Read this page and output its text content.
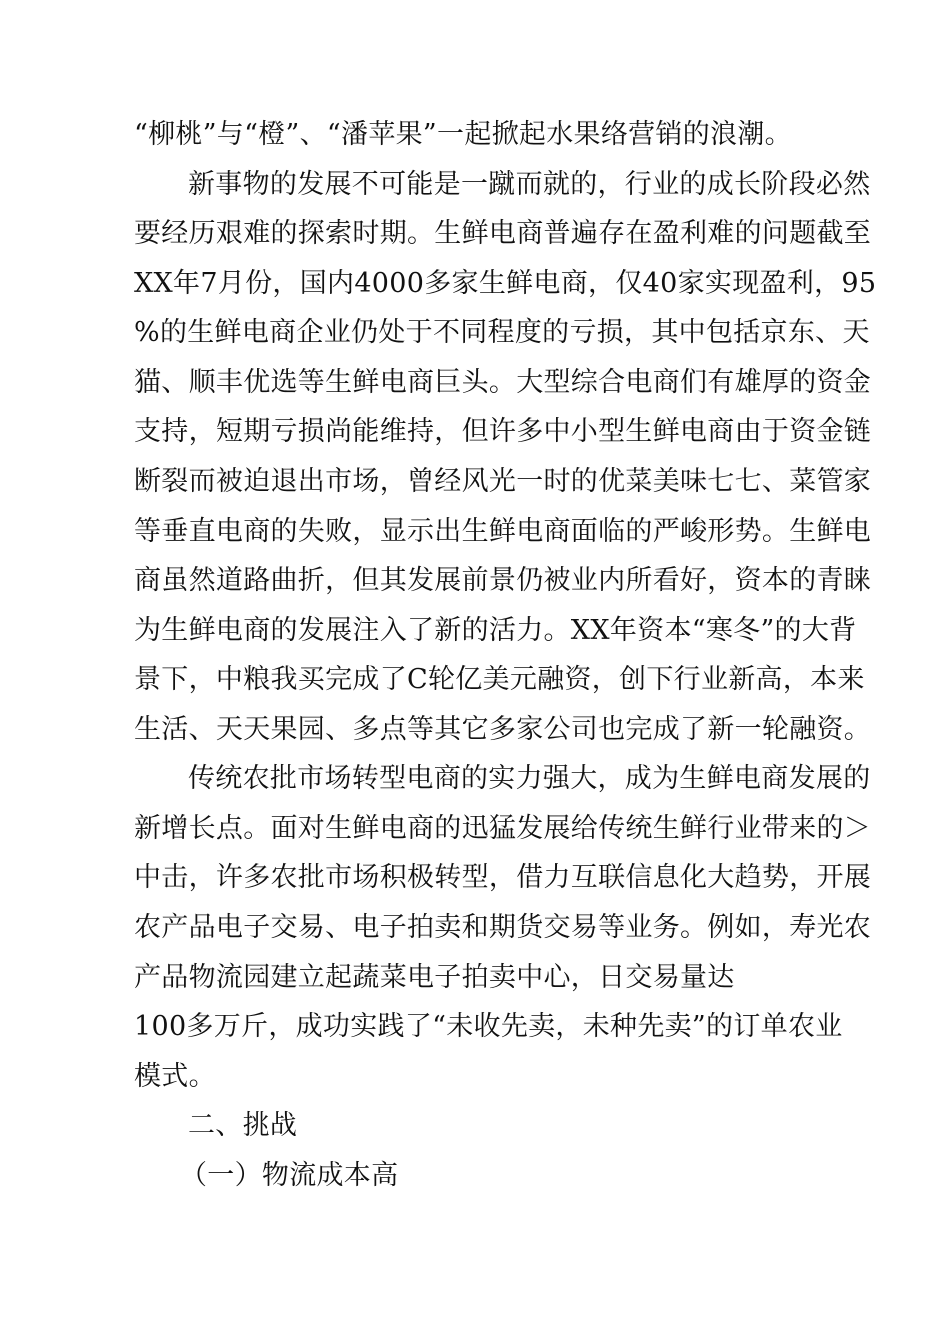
“柳桃”与“橙”、“潘苹果”一起掀起水果络营销的浪潮。
新事物的发展不可能是一蹴而就的，行业的成长阶段必然
要经历艰难的探索时期。生鲜电商普遍存在盈利难的问题截至
XX年7月份，国内4000多家生鲜电商，仅40家实现盈利，95
%的生鲜电商企业仍处于不同程度的亏损，其中包括京东、天
猫、顺丰优选等生鲜电商巨头。大型综合电商们有雄厚的资金
支持，短期亏损尚能维持，但许多中小型生鲜电商由于资金链
断裂而被迫退出市场，曾经风光一时的优菜美味七七、菜管家
等垂直电商的失败，显示出生鲜电商面临的严峻形势。生鲜电
商虽然道路曲折，但其发展前景仍被业内所看好，资本的青睐
为生鲜电商的发展注入了新的活力。XX年资本“寒冬”的大背
景下，中粮我买完成了C轮亿美元融资，创下行业新高，本来
生活、天天果园、多点等其它多家公司也完成了新一轮融资。
传统农批市场转型电商的实力强大，成为生鲜电商发展的
新增长点。面对生鲜电商的迅猛发展给传统生鲜行业带来的＞
中击，许多农批市场积极转型，借力互联信息化大趋势，开展
农产品电子交易、电子拍卖和期货交易等业务。例如，寿光农
产品物流园建立起蔬菜电子拍卖中心，日交易量达
100多万斤，成功实践了“未收先卖，未种先卖”的订单农业
模式。
二、挑战
（一）物流成本高
